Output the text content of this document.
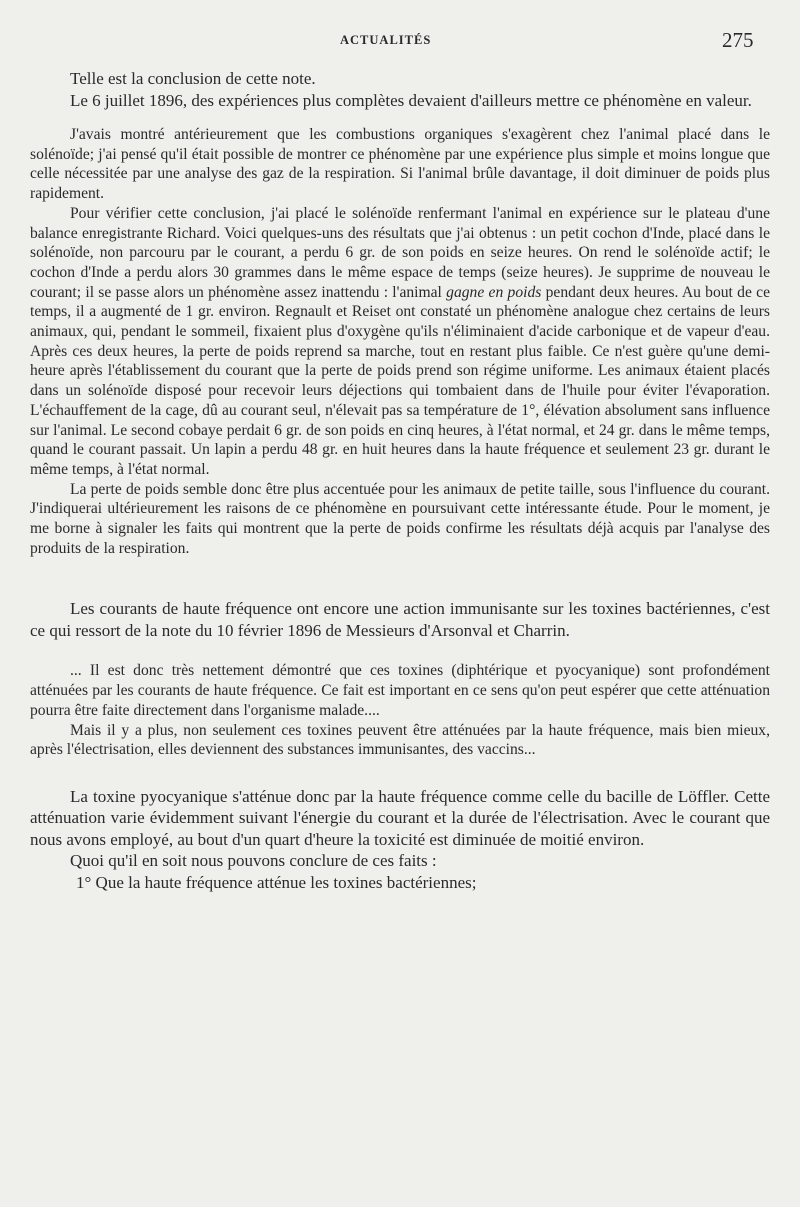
ACTUALITÉS	275

Telle est la conclusion de cette note.

Le 6 juillet 1896, des expériences plus complètes devaient d'ailleurs mettre ce phénomène en valeur.

J'avais montré antérieurement que les combustions organiques s'exagèrent chez l'animal placé dans le solénoïde; j'ai pensé qu'il était possible de montrer ce phénomène par une expérience plus simple et moins longue que celle nécessitée par une analyse des gaz de la respiration. Si l'animal brûle davantage, il doit diminuer de poids plus rapidement.

Pour vérifier cette conclusion, j'ai placé le solénoïde renfermant l'animal en expérience sur le plateau d'une balance enregistrante Richard. Voici quelques-uns des résultats que j'ai obtenus : un petit cochon d'Inde, placé dans le solénoïde, non parcouru par le courant, a perdu 6 gr. de son poids en seize heures. On rend le solénoïde actif; le cochon d'Inde a perdu alors 30 grammes dans le même espace de temps (seize heures). Je supprime de nouveau le courant; il se passe alors un phénomène assez inattendu : l'animal gagne en poids pendant deux heures. Au bout de ce temps, il a augmenté de 1 gr. environ. Regnault et Reiset ont constaté un phénomène analogue chez certains de leurs animaux, qui, pendant le sommeil, fixaient plus d'oxygène qu'ils n'éliminaient d'acide carbonique et de vapeur d'eau. Après ces deux heures, la perte de poids reprend sa marche, tout en restant plus faible. Ce n'est guère qu'une demi-heure après l'établissement du courant que la perte de poids prend son régime uniforme. Les animaux étaient placés dans un solénoïde disposé pour recevoir leurs déjections qui tombaient dans de l'huile pour éviter l'évaporation. L'échauffement de la cage, dû au courant seul, n'élevait pas sa température de 1°, élévation absolument sans influence sur l'animal. Le second cobaye perdait 6 gr. de son poids en cinq heures, à l'état normal, et 24 gr. dans le même temps, quand le courant passait. Un lapin a perdu 48 gr. en huit heures dans la haute fréquence et seulement 23 gr. durant le même temps, à l'état normal.

La perte de poids semble donc être plus accentuée pour les animaux de petite taille, sous l'influence du courant. J'indiquerai ultérieurement les raisons de ce phénomène en poursuivant cette intéressante étude. Pour le moment, je me borne à signaler les faits qui montrent que la perte de poids confirme les résultats déjà acquis par l'analyse des produits de la respiration.

Les courants de haute fréquence ont encore une action immunisante sur les toxines bactériennes, c'est ce qui ressort de la note du 10 février 1896 de Messieurs d'Arsonval et Charrin.

... Il est donc très nettement démontré que ces toxines (diphtérique et pyocyanique) sont profondément atténuées par les courants de haute fréquence. Ce fait est important en ce sens qu'on peut espérer que cette atténuation pourra être faite directement dans l'organisme malade....

Mais il y a plus, non seulement ces toxines peuvent être atténuées par la haute fréquence, mais bien mieux, après l'électrisation, elles deviennent des substances immunisantes, des vaccins...

La toxine pyocyanique s'atténue donc par la haute fréquence comme celle du bacille de Löffler. Cette atténuation varie évidemment suivant l'énergie du courant et la durée de l'électrisation. Avec le courant que nous avons employé, au bout d'un quart d'heure la toxicité est diminuée de moitié environ.

Quoi qu'il en soit nous pouvons conclure de ces faits :

1° Que la haute fréquence atténue les toxines bactériennes;
